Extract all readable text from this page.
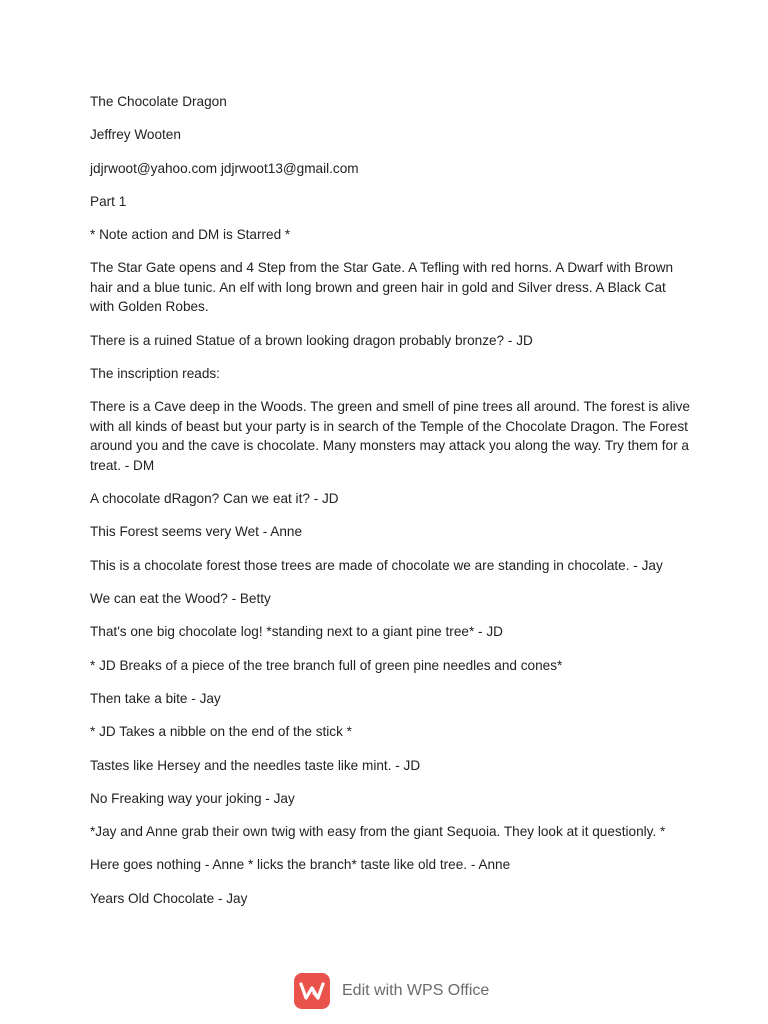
The Chocolate Dragon

Jeffrey Wooten

jdjrwoot@yahoo.com jdjrwoot13@gmail.com

Part 1

* Note action and DM is Starred *

The Star Gate opens and 4 Step from the Star Gate. A Tefling with red horns. A Dwarf with Brown hair and a blue tunic. An elf with long brown and green hair in gold and Silver dress. A Black Cat with Golden Robes.

There is a ruined Statue of a brown looking dragon probably bronze? - JD

The inscription reads:

There is a Cave deep in the Woods. The green and smell of pine trees all around. The forest is alive with all kinds of beast but your party is in search of the Temple of the Chocolate Dragon. The Forest around you and the cave is chocolate. Many monsters may attack you along the way. Try them for a treat. - DM

A chocolate dRagon? Can we eat it? - JD

This Forest seems very Wet - Anne

This is a chocolate forest those trees are made of chocolate we are standing in chocolate. - Jay

We can eat the Wood? - Betty

That's one big chocolate log! *standing next to a giant pine tree* - JD

* JD Breaks of a piece of the tree branch full of green pine needles and cones*

Then take a bite - Jay

* JD Takes a nibble on the end of the stick *

Tastes like Hersey and the needles taste like mint. - JD

No Freaking way your joking - Jay

*Jay and Anne grab their own twig with easy from the giant Sequoia. They look at it questionly. *

Here goes nothing - Anne * licks the branch* taste like old tree. - Anne

Years Old Chocolate - Jay

Edit with WPS Office
